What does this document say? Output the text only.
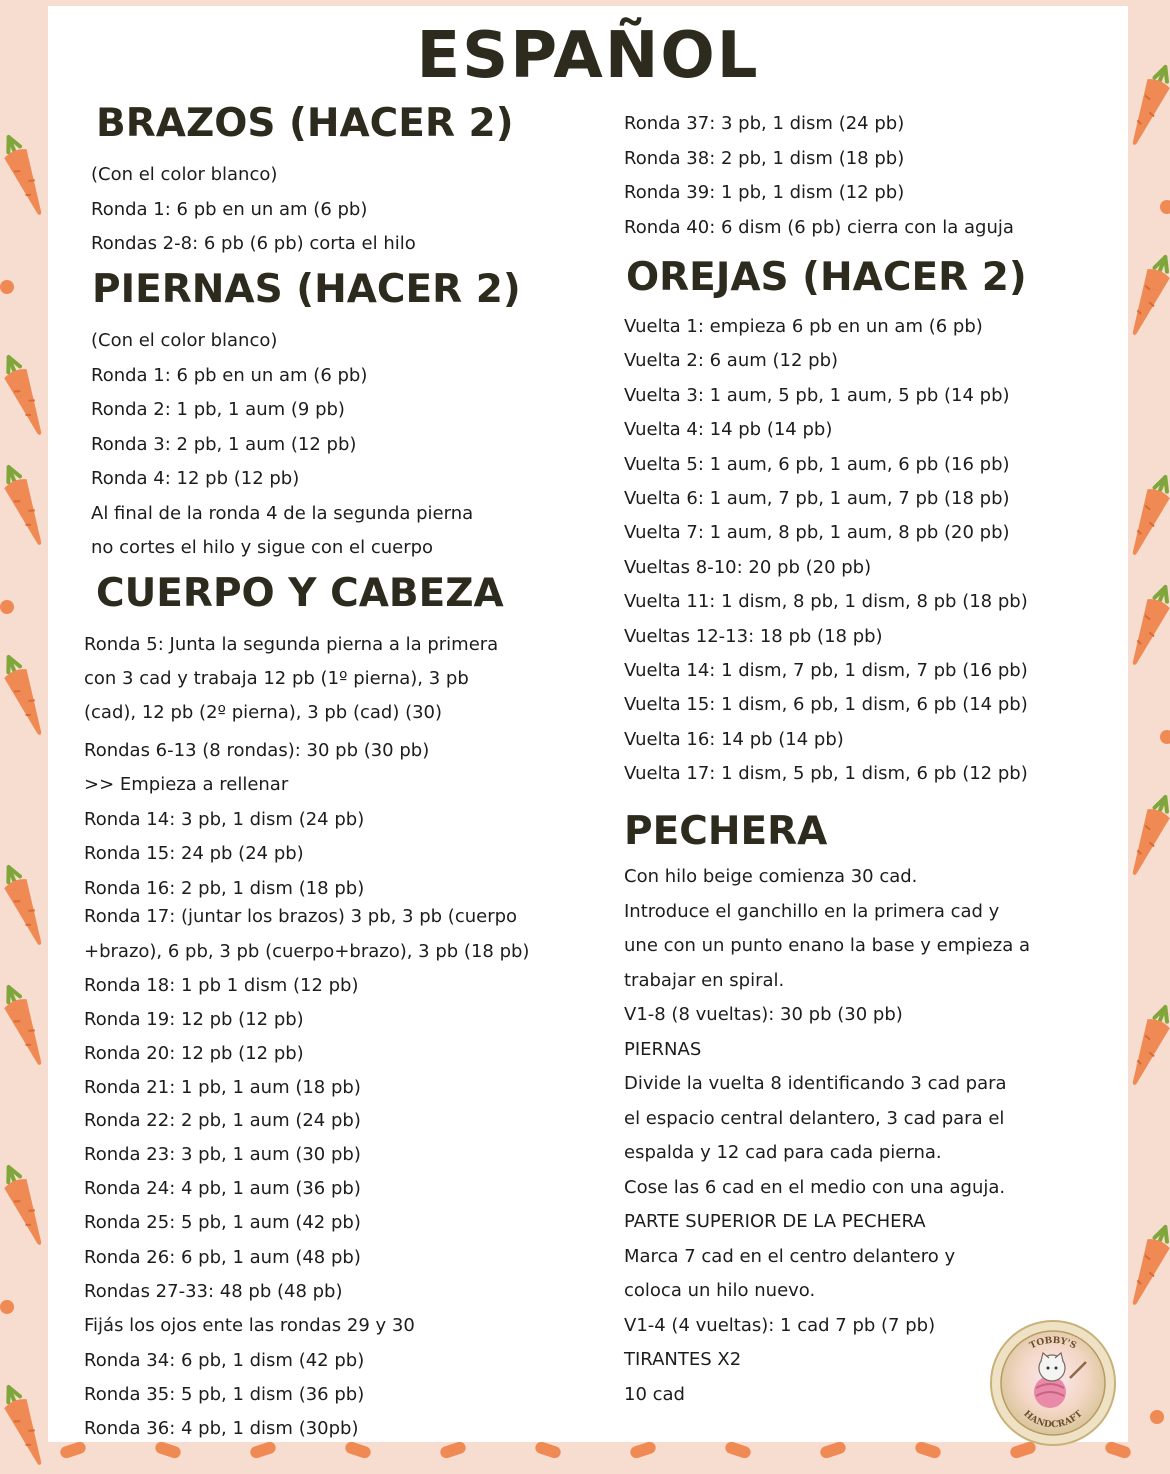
ESPAÑOL
BRAZOS (HACER 2)
(Con el color blanco)
Ronda 1: 6 pb en un am (6 pb)
Rondas 2-8: 6 pb (6 pb) corta el hilo
PIERNAS (HACER 2)
(Con el color blanco)
Ronda 1: 6 pb en un am (6 pb)
Ronda 2: 1 pb, 1 aum (9 pb)
Ronda 3: 2 pb, 1 aum (12 pb)
Ronda 4: 12 pb (12 pb)
Al final de la ronda 4 de la segunda pierna
no cortes el hilo y sigue con el cuerpo
CUERPO Y CABEZA
Ronda 5: Junta la segunda pierna a la primera
con 3 cad y trabaja 12 pb (1º pierna), 3 pb
(cad), 12 pb (2º pierna), 3 pb (cad) (30)
Rondas 6-13 (8 rondas): 30 pb (30 pb)
>> Empieza a rellenar
Ronda 14: 3 pb, 1 dism (24 pb)
Ronda 15: 24 pb (24 pb)
Ronda 16: 2 pb, 1 dism (18 pb)
Ronda 17: (juntar los brazos) 3 pb, 3 pb (cuerpo
+brazo), 6 pb, 3 pb (cuerpo+brazo), 3 pb (18 pb)
Ronda 18: 1 pb 1 dism (12 pb)
Ronda 19: 12 pb (12 pb)
Ronda 20: 12 pb (12 pb)
Ronda 21: 1 pb, 1 aum (18 pb)
Ronda 22: 2 pb, 1 aum (24 pb)
Ronda 23: 3 pb, 1 aum (30 pb)
Ronda 24: 4 pb, 1 aum (36 pb)
Ronda 25: 5 pb, 1 aum (42 pb)
Ronda 26: 6 pb, 1 aum (48 pb)
Rondas 27-33: 48 pb (48 pb)
Fijás los ojos ente las rondas 29 y 30
Ronda 34: 6 pb, 1 dism (42 pb)
Ronda 35: 5 pb, 1 dism (36 pb)
Ronda 36: 4 pb, 1 dism (30pb)
Ronda 37: 3 pb, 1 dism (24 pb)
Ronda 38: 2 pb, 1 dism (18 pb)
Ronda 39: 1 pb, 1 dism (12 pb)
Ronda 40: 6 dism (6 pb) cierra con la aguja
OREJAS (HACER 2)
Vuelta 1: empieza 6 pb en un am (6 pb)
Vuelta 2: 6 aum (12 pb)
Vuelta 3: 1 aum, 5 pb, 1 aum, 5 pb (14 pb)
Vuelta 4: 14 pb (14 pb)
Vuelta 5: 1 aum, 6 pb, 1 aum, 6 pb (16 pb)
Vuelta 6: 1 aum, 7 pb, 1 aum, 7 pb (18 pb)
Vuelta 7: 1 aum, 8 pb, 1 aum, 8 pb (20 pb)
Vueltas 8-10: 20 pb (20 pb)
Vuelta 11: 1 dism, 8 pb, 1 dism, 8 pb (18 pb)
Vueltas 12-13: 18 pb (18 pb)
Vuelta 14: 1 dism, 7 pb, 1 dism, 7 pb (16 pb)
Vuelta 15: 1 dism, 6 pb, 1 dism, 6 pb (14 pb)
Vuelta 16: 14 pb (14 pb)
Vuelta 17: 1 dism, 5 pb, 1 dism, 6 pb (12 pb)
PECHERA
Con hilo beige comienza 30 cad.
Introduce el ganchillo en la primera cad y
une con un punto enano la base y empieza a
trabajar en spiral.
V1-8 (8 vueltas): 30 pb (30 pb)
PIERNAS
Divide la vuelta 8 identificando 3 cad para
el espacio central delantero, 3 cad para el
espalda y 12 cad para cada pierna.
Cose las 6 cad en el medio con una aguja.
PARTE SUPERIOR DE LA PECHERA
Marca 7 cad en el centro delantero y
coloca un hilo nuevo.
V1-4 (4 vueltas): 1 cad 7 pb (7 pb)
TIRANTES X2
10 cad
TOBBY'S
HANDCRAFT
